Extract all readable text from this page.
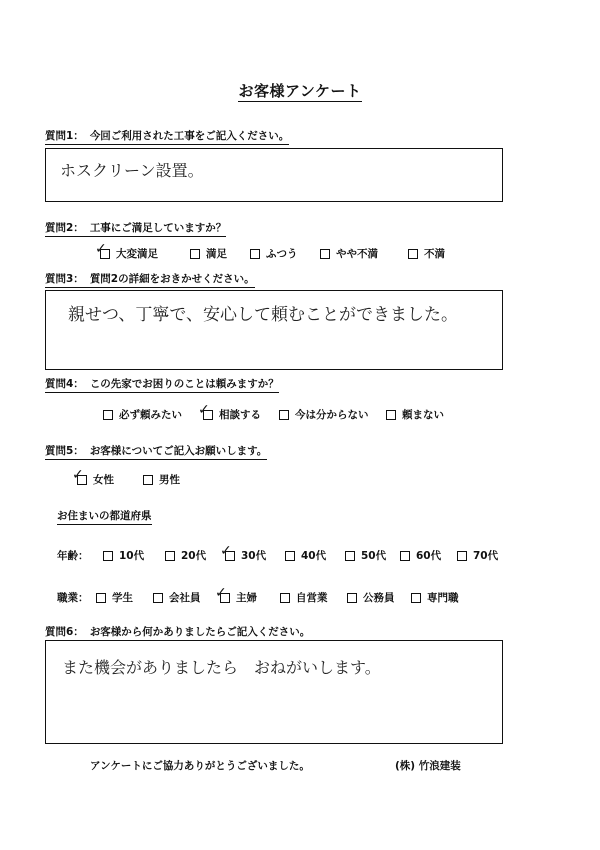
お客様アンケート
質問1： 今回ご利用された工事をご記入ください。
ホスクリーン設置。
質問2： 工事にご満足していますか？
✓ 大変満足	満足	ふつう	やや不満	不満
質問3： 質問2の詳細をおきかせください。
親せつ、丁寧で、安心して頼むことができました。
質問4： この先家でお困りのことは頼みますか？
必ず頼みたい ✓ 相談する	今は分からない	頼まない
質問5： お客様についてご記入お願いします。
✓ 女性	男性
お住まいの都道府県
年齢：	10代	20代 ✓ 30代	40代	50代	60代	70代
職業： 学生	会社員 ✓ 主婦	自営業	公務員	専門職
質問6： お客様から何かありましたらご記入ください。
また機会がありましたら　おねがいします。
アンケートにご協力ありがとうございました。	(株) 竹浪建装
